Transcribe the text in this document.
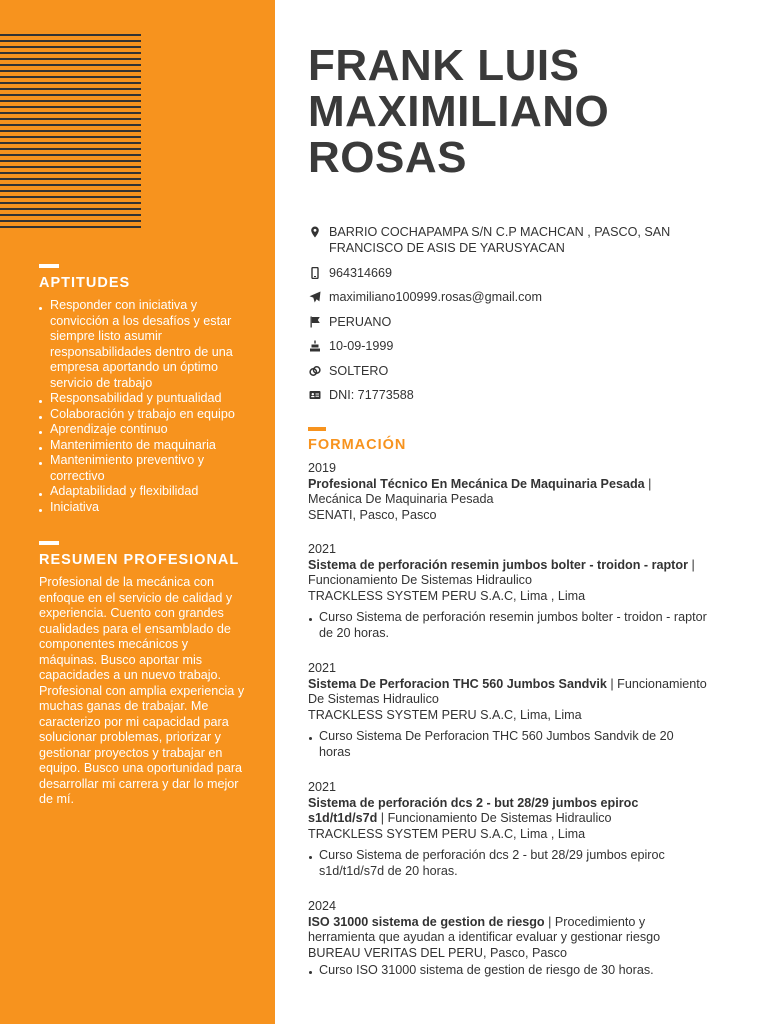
APTITUDES
Responder con iniciativa y convicción a los desafíos y estar siempre listo asumir responsabilidades dentro de una empresa aportando un óptimo servicio de trabajo
Responsabilidad y puntualidad
Colaboración y trabajo en equipo
Aprendizaje continuo
Mantenimiento de maquinaria
Mantenimiento preventivo y correctivo
Adaptabilidad y flexibilidad
Iniciativa
RESUMEN PROFESIONAL
Profesional de la mecánica con enfoque en el servicio de calidad y experiencia. Cuento con grandes cualidades para el ensamblado de componentes mecánicos y máquinas. Busco aportar mis capacidades a un nuevo trabajo. Profesional con amplia experiencia y muchas ganas de trabajar. Me caracterizo por mi capacidad para solucionar problemas, priorizar y gestionar proyectos y trabajar en equipo. Busco una oportunidad para desarrollar mi carrera y dar lo mejor de mí.
FRANK LUIS
MAXIMILIANO
ROSAS
BARRIO COCHAPAMPA S/N C.P MACHCAN , PASCO, SAN FRANCISCO DE ASIS DE YARUSYACAN
964314669
maximiliano100999.rosas@gmail.com
PERUANO
10-09-1999
SOLTERO
DNI: 71773588
FORMACIÓN
2019
Profesional Técnico En Mecánica De Maquinaria Pesada | Mecánica De Maquinaria Pesada
SENATI, Pasco, Pasco
2021
Sistema de perforación resemin jumbos bolter - troidon - raptor | Funcionamiento De Sistemas Hidraulico
TRACKLESS SYSTEM PERU S.A.C, Lima , Lima
Curso Sistema de perforación resemin jumbos bolter - troidon - raptor de 20 horas.
2021
Sistema De Perforacion THC 560 Jumbos Sandvik | Funcionamiento De Sistemas Hidraulico
TRACKLESS SYSTEM PERU S.A.C, Lima, Lima
Curso Sistema De Perforacion THC 560 Jumbos Sandvik de 20 horas
2021
Sistema de perforación dcs 2 - but 28/29 jumbos epiroc s1d/t1d/s7d | Funcionamiento De Sistemas Hidraulico
TRACKLESS SYSTEM PERU S.A.C, Lima , Lima
Curso Sistema de perforación dcs 2 - but 28/29 jumbos epiroc s1d/t1d/s7d de 20 horas.
2024
ISO 31000 sistema de gestion de riesgo | Procedimiento y herramienta que ayudan a identificar evaluar y gestionar riesgo
BUREAU VERITAS DEL PERU, Pasco, Pasco
Curso ISO 31000 sistema de gestion de riesgo de 30 horas.
